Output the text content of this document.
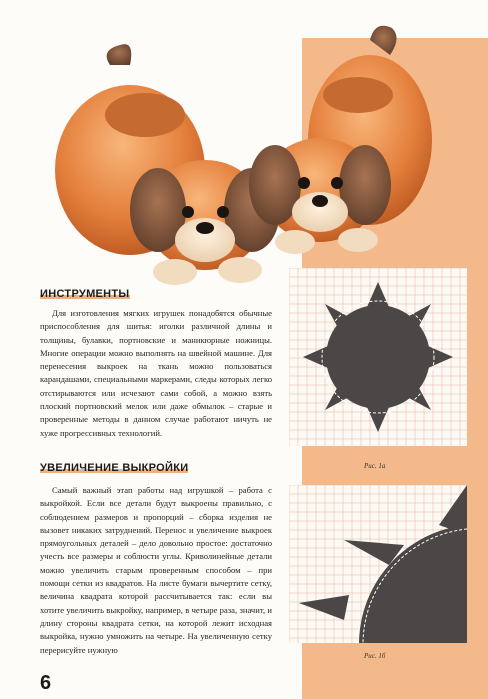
ИНСТРУМЕНТЫ

Для изготовления мягких игрушек понадобятся обычные приспособления для шитья: иголки различной длины и толщины, булавки, портновские и маникюрные ножницы. Многие операции можно выполнять на швейной машине. Для перенесения выкроек на ткань можно пользоваться карандашами, специальными маркерами, следы которых легко отстирываются или исчезают сами собой, а можно взять плоский портновский мелок или даже обмылок – старые и проверенные методы в данном случае работают ничуть не хуже прогрессивных технологий.

УВЕЛИЧЕНИЕ ВЫКРОЙКИ

Самый важный этап работы над игрушкой – работа с выкройкой. Если все детали будут выкроены правильно, с соблюдением размеров и пропорций – сборка изделия не вызовет никаких затруднений. Перенос и увеличение выкроек прямоугольных деталей – дело довольно простое: достаточно учесть все размеры и соблюсти углы. Криволинейные детали можно увеличить старым проверенным способом – при помощи сетки из квадратов. На листе бумаги вычертите сетку, величина квадрата которой рассчитывается так: если вы хотите увеличить выкройку, например, в четыре раза, значит, и длину стороны квадрата сетки, на которой лежит исходная выкройка, нужно умножить на четыре. На увеличенную сетку перерисуйте нужную

Рис. 1а
Рис. 1б
6
